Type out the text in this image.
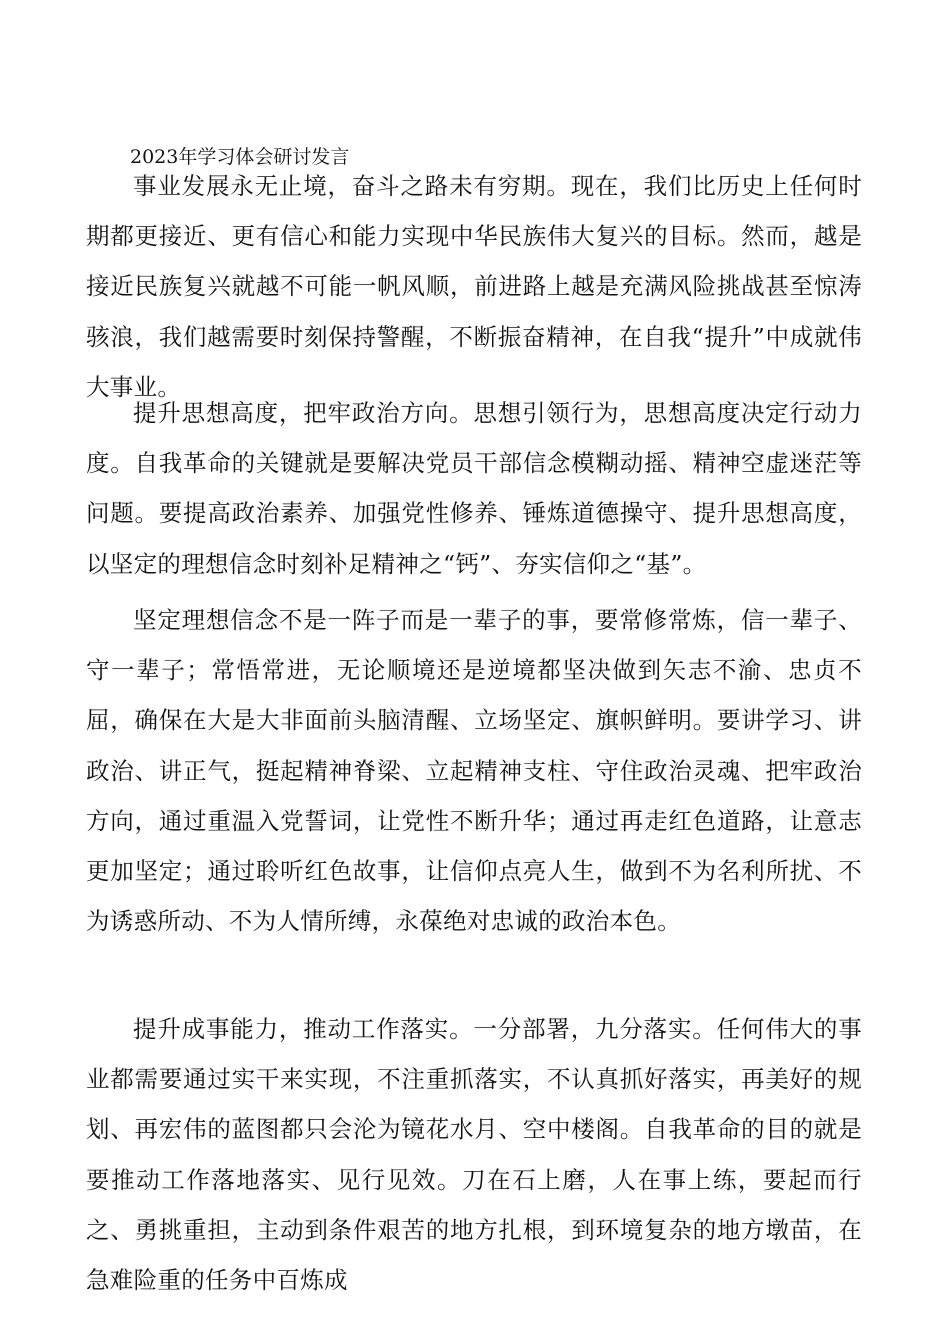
2023年学习体会研讨发言

事业发展永无止境，奋斗之路未有穷期。现在，我们比历史上任何时期都更接近、更有信心和能力实现中华民族伟大复兴的目标。然而，越是接近民族复兴就越不可能一帆风顺，前进路上越是充满风险挑战甚至惊涛骇浪，我们越需要时刻保持警醒，不断振奋精神，在自我“提升”中成就伟大事业。

提升思想高度，把牢政治方向。思想引领行为，思想高度决定行动力度。自我革命的关键就是要解决党员干部信念模糊动摇、精神空虚迷茫等问题。要提高政治素养、加强党性修养、锤炼道德操守、提升思想高度，以坚定的理想信念时刻补足精神之“钙”、夯实信仰之“基”。

坚定理想信念不是一阵子而是一辈子的事，要常修常炼，信一辈子、守一辈子；常悟常进，无论顺境还是逆境都坚决做到矢志不渝、忠贞不屈，确保在大是大非面前头脑清醒、立场坚定、旗帜鲜明。要讲学习、讲政治、讲正气，挺起精神脊梁、立起精神支柱、守住政治灵魂、把牢政治方向，通过重温入党誓词，让党性不断升华；通过再走红色道路，让意志更加坚定；通过聆听红色故事，让信仰点亮人生，做到不为名利所扰、不为诱惑所动、不为人情所缚，永葆绝对忠诚的政治本色。

提升成事能力，推动工作落实。一分部署，九分落实。任何伟大的事业都需要通过实干来实现，不注重抓落实，不认真抓好落实，再美好的规划、再宏伟的蓝图都只会沦为镜花水月、空中楼阁。自我革命的目的就是要推动工作落地落实、见行见效。刀在石上磨，人在事上练，要起而行之、勇挑重担，主动到条件艰苦的地方扎根，到环境复杂的地方墩苗，在急难险重的任务中百炼成
